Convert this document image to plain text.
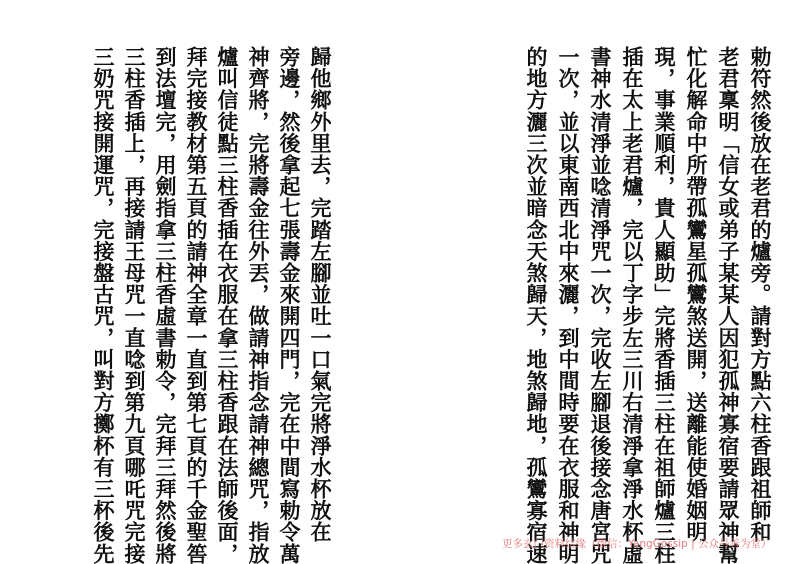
勅符然後放在老君的爐旁。請對方點六柱香跟祖師和
老君稟明「信女或弟子某某人因犯孤神寡宿要請眾神幫
忙化解命中所帶孤鸞星孤鸞煞送開，送離能使婚姻明
現，事業順利，貴人顯助」完將香插三柱在祖師爐三柱
插在太上老君爐，完以丁字步左三川右清淨拿淨水杯虛
書神水清淨並唸清淨咒一次，完收左腳退後接念唐宮咒
一次，並以東南西北中來灑，到中間時要在衣服和神明
的地方灑三次並暗念天煞歸天，地煞歸地，孤鸞寡宿速
歸他鄉外里去，完踏左腳並吐一口氣完將淨水杯放在
旁邊，然後拿起七張壽金來開四門，完在中間寫勅令萬
神齊將，完將壽金往外丟，做請神指念請神總咒，指放
爐叫信徒點三柱香插在衣服在拿三柱香跟在法師後面，
拜完接教材第五頁的請神全章一直到第七頁的千金聖筶
到法壇完，用劍指拿三柱香虛書勅令，完拜三拜然後將
三柱香插上，再接請王母咒一直唸到第九頁哪吒咒完接
三奶咒接開運咒，完接盤古咒，叫對方擲杯有三杯後先	更多玄门资料结缘（微信：YangGossip | 公众号善为堂）
